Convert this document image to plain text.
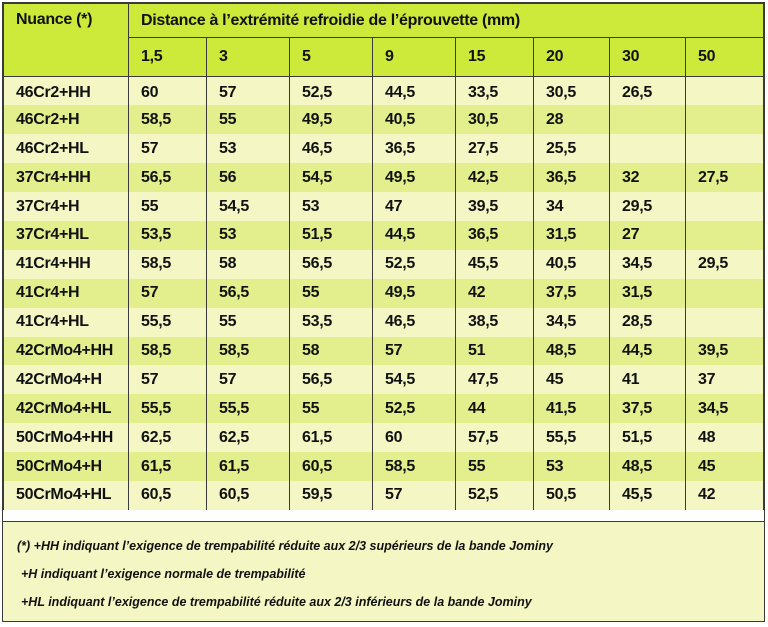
Nuance (*)	Distance à l’extrémité refroidie de l’éprouvette (mm)							
	1,5	3	5	9	15	20	30	50
46Cr2+HH	60	57	52,5	44,5	33,5	30,5	26,5	
46Cr2+H	58,5	55	49,5	40,5	30,5	28		
46Cr2+HL	57	53	46,5	36,5	27,5	25,5		
37Cr4+HH	56,5	56	54,5	49,5	42,5	36,5	32	27,5
37Cr4+H	55	54,5	53	47	39,5	34	29,5	
37Cr4+HL	53,5	53	51,5	44,5	36,5	31,5	27	
41Cr4+HH	58,5	58	56,5	52,5	45,5	40,5	34,5	29,5
41Cr4+H	57	56,5	55	49,5	42	37,5	31,5	
41Cr4+HL	55,5	55	53,5	46,5	38,5	34,5	28,5	
42CrMo4+HH	58,5	58,5	58	57	51	48,5	44,5	39,5
42CrMo4+H	57	57	56,5	54,5	47,5	45	41	37
42CrMo4+HL	55,5	55,5	55	52,5	44	41,5	37,5	34,5
50CrMo4+HH	62,5	62,5	61,5	60	57,5	55,5	51,5	48
50CrMo4+H	61,5	61,5	60,5	58,5	55	53	48,5	45
50CrMo4+HL	60,5	60,5	59,5	57	52,5	50,5	45,5	42
(*) +HH indiquant l’exigence de trempabilité réduite aux 2/3 supérieurs de la bande Jominy
+H indiquant l’exigence normale de trempabilité
+HL indiquant l’exigence de trempabilité réduite aux 2/3 inférieurs de la bande Jominy
